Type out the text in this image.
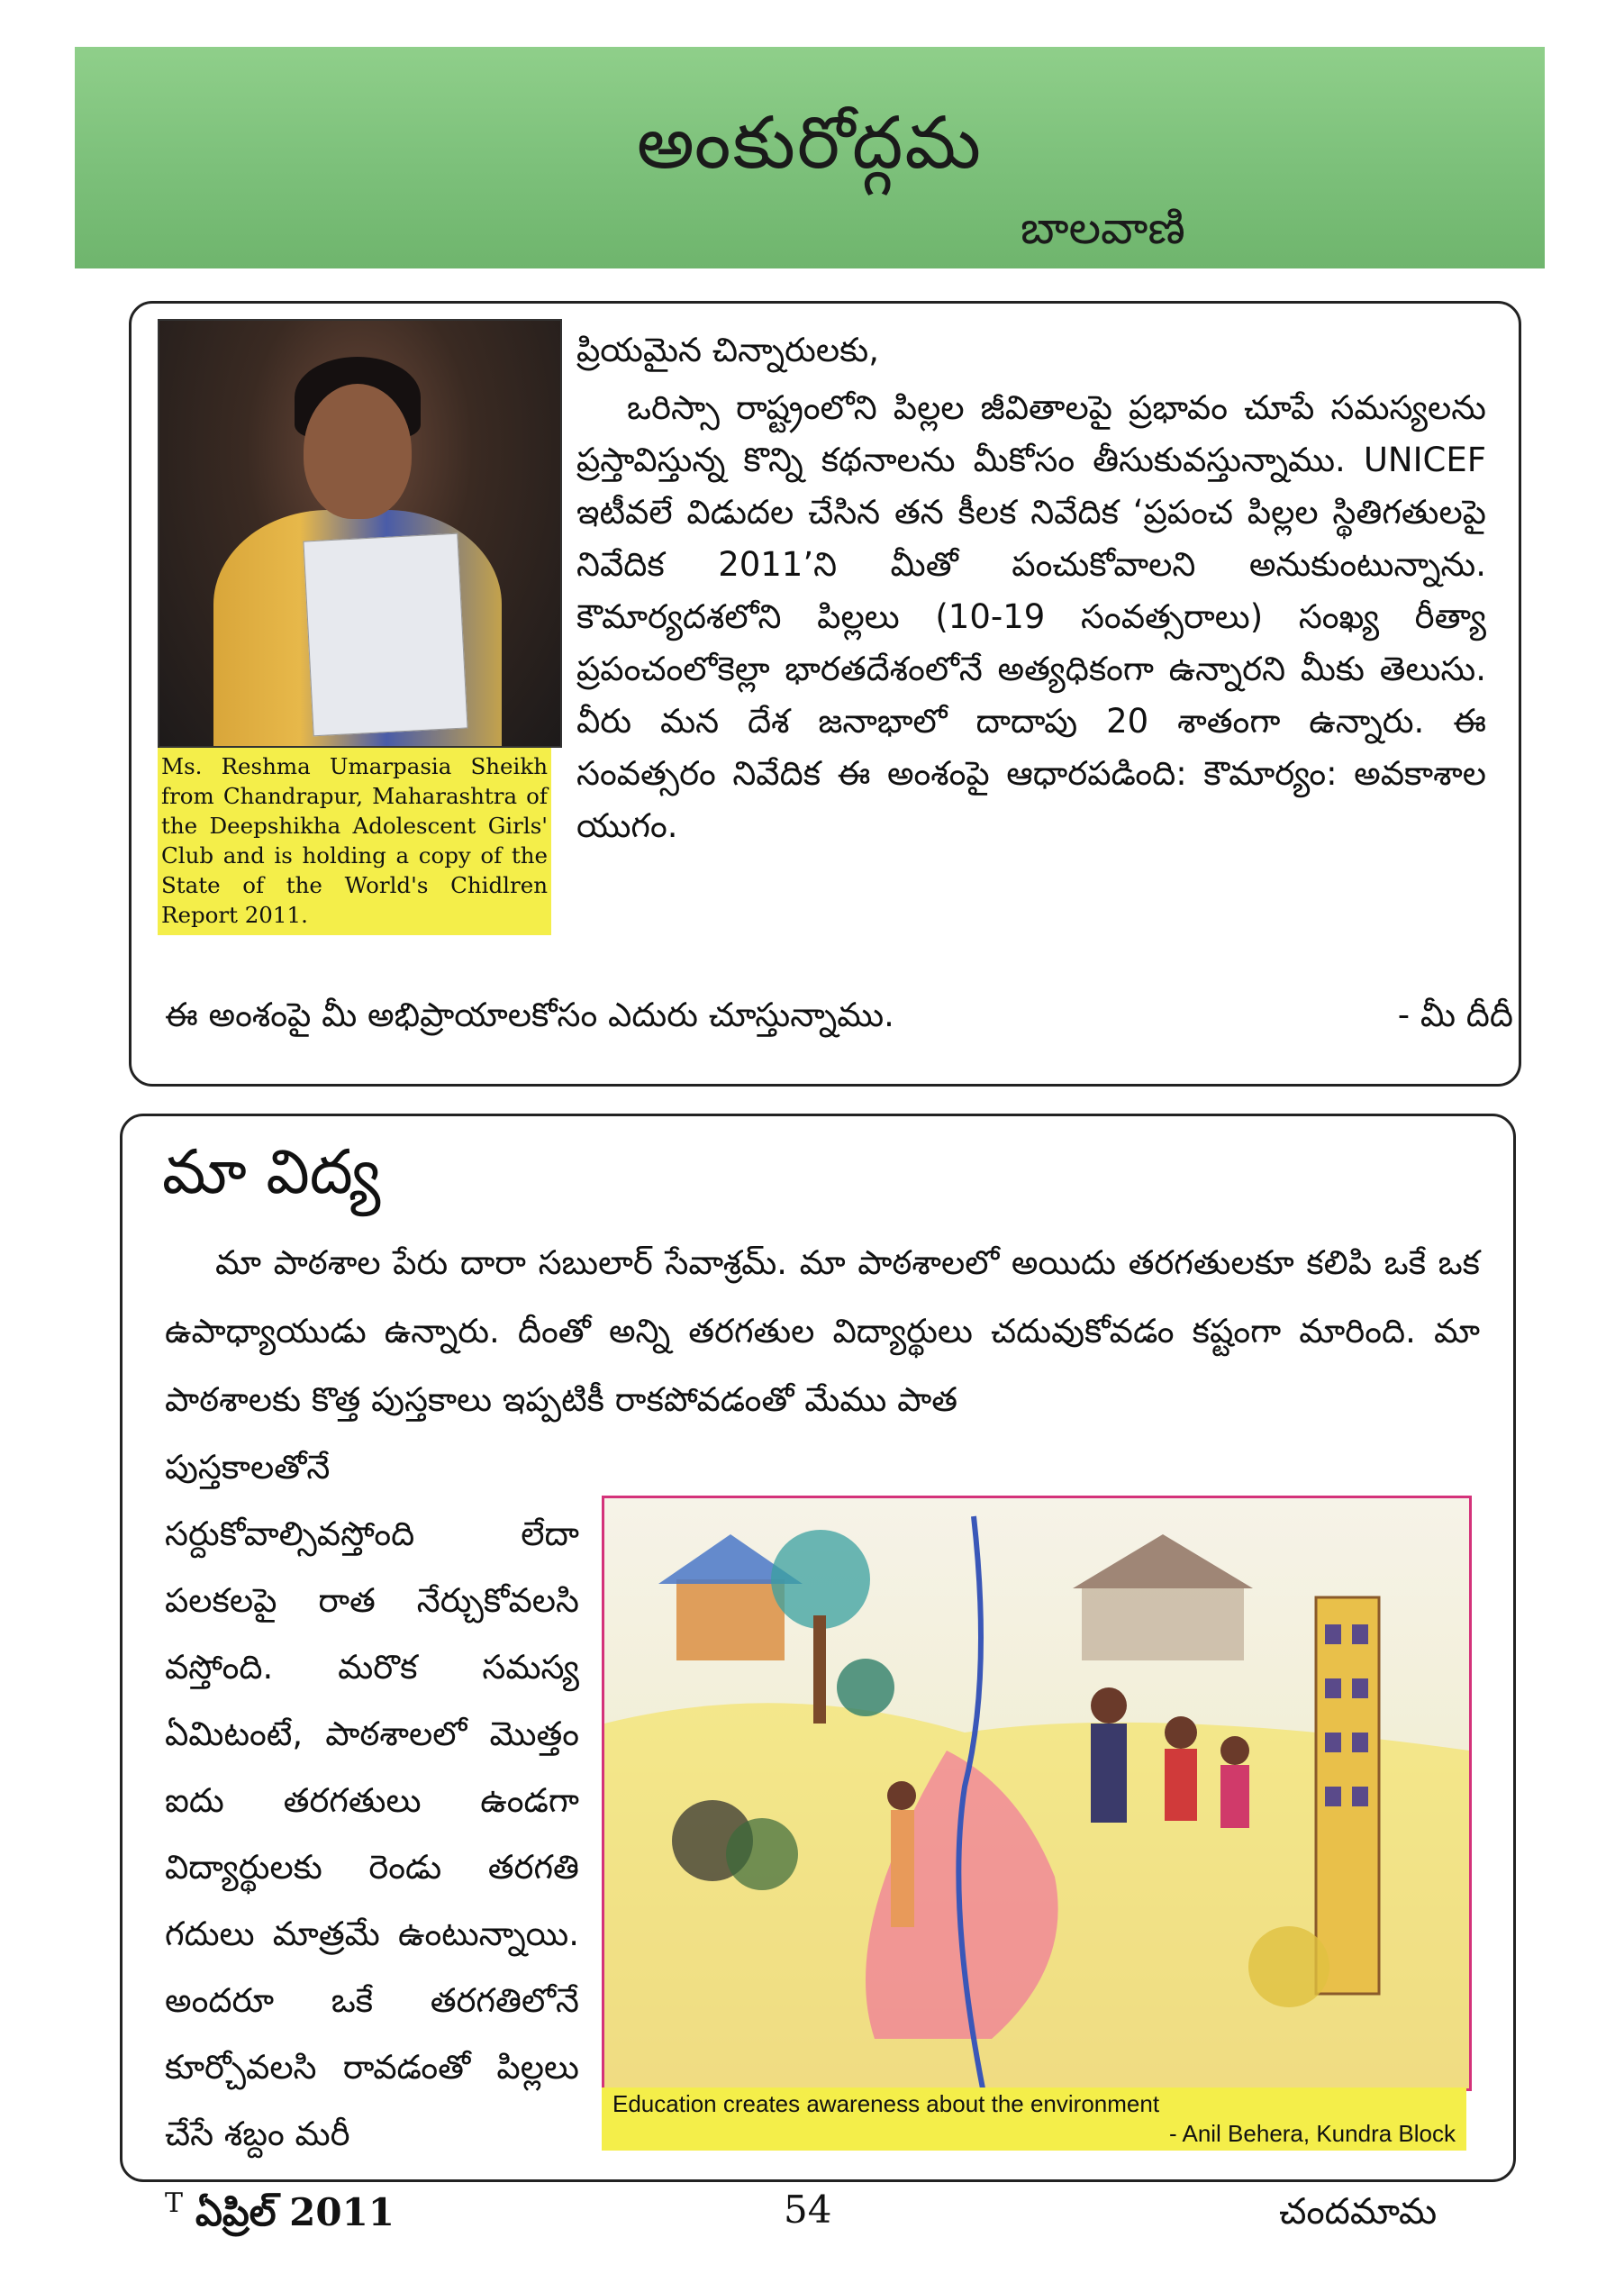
అంకురోద్గమ
బాలవాణి
Ms. Reshma Umarpasia Sheikh from Chandrapur, Maharashtra of the Deepshikha Adolescent Girls' Club and is holding a copy of the State of the World's Chidlren Report 2011.

ప్రియమైన చిన్నారులకు,

ఒరిస్సా రాష్ట్రంలోని పిల్లల జీవితాలపై ప్రభావం చూపే సమస్యలను ప్రస్తావిస్తున్న కొన్ని కథనాలను మీకోసం తీసుకువస్తున్నాము. UNICEF ఇటీవలే విడుదల చేసిన తన కీలక నివేదిక ‘ప్రపంచ పిల్లల స్థితిగతులపై నివేదిక 2011’ని మీతో పంచుకోవాలని అనుకుంటున్నాను. కౌమార్యదశలోని పిల్లలు (10-19 సంవత్సరాలు) సంఖ్య రీత్యా ప్రపంచంలోకెల్లా భారతదేశంలోనే అత్యధికంగా ఉన్నారని మీకు తెలుసు. వీరు మన దేశ జనాభాలో దాదాపు 20 శాతంగా ఉన్నారు. ఈ సంవత్సరం నివేదిక ఈ అంశంపై ఆధారపడింది: కౌమార్యం: అవకాశాల యుగం.

ఈ అంశంపై మీ అభిప్రాయాలకోసం ఎదురు చూస్తున్నాము.	- మీ దీదీ

మా విద్య

మా పాఠశాల పేరు దారా సబులార్ సేవాశ్రమ్. మా పాఠశాలలో అయిదు తరగతులకూ కలిపి ఒకే ఒక ఉపాధ్యాయుడు ఉన్నారు. దీంతో అన్ని తరగతుల విద్యార్థులు చదువుకోవడం కష్టంగా మారింది. మా పాఠశాలకు కొత్త పుస్తకాలు ఇప్పటికీ రాకపోవడంతో మేము పాత

పుస్తకాలతోనే సర్దుకోవాల్సివస్తోంది లేదా పలకలపై రాత నేర్చుకోవలసి వస్తోంది. మరొక సమస్య ఏమిటంటే, పాఠశాలలో మొత్తం ఐదు తరగతులు ఉండగా విద్యార్థులకు రెండు తరగతి గదులు మాత్రమే ఉంటున్నాయి. అందరూ ఒకే తరగతిలోనే కూర్చోవలసి రావడంతో పిల్లలు చేసే శబ్దం మరీ

Education creates awareness about the environment
- Anil Behera, Kundra Block
$^T$ ఏప్రిల్ 2011	54	చందమామ
